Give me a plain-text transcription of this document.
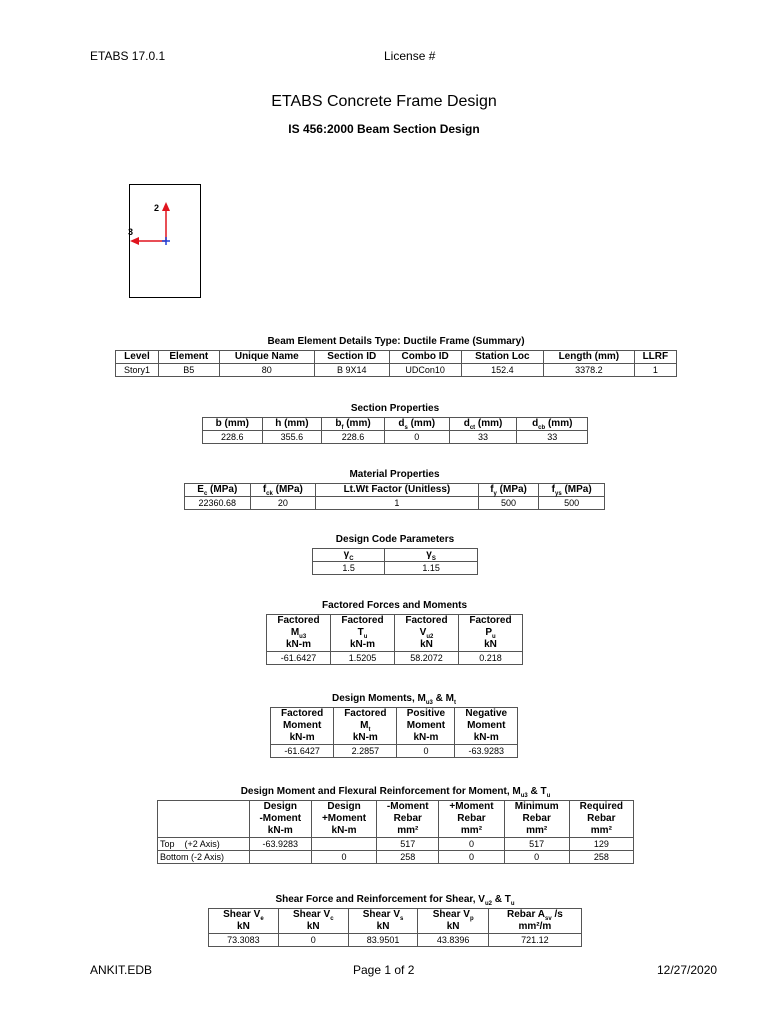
ETABS 17.0.1	License #
ETABS Concrete Frame Design
IS 456:2000 Beam Section Design
2
3
Beam Element Details Type: Ductile Frame (Summary)
Level	Element	Unique Name	Section ID	Combo ID	Station Loc	Length (mm)	LLRF
Story1	B5	80	B 9X14	UDCon10	152.4	3378.2	1
Section Properties
b (mm)	h (mm)	$b_f$ (mm)	$d_s$ (mm)	$d_{ct}$ (mm)	$d_{cb}$ (mm)
228.6	355.6	228.6	0	33	33
Material Properties
$E_c$ (MPa)	$f_{ck}$ (MPa)	Lt.Wt Factor (Unitless)	$f_y$ (MPa)	$f_{ys}$ (MPa)
22360.68	20	1	500	500
Design Code Parameters
$\gamma_C$	$\gamma_S$
1.5	1.15
Factored Forces and Moments
Factored
$M_{u3}$
kN-m	Factored
$T_u$
kN-m	Factored
$V_{u2}$
kN	Factored
$P_u$
kN
-61.6427	1.5205	58.2072	0.218
Design Moments, $M_{u3}$ & $M_t$
Factored
Moment
kN-m	Factored
$M_t$
kN-m	Positive
Moment
kN-m	Negative
Moment
kN-m
-61.6427	2.2857	0	-63.9283
Design Moment and Flexural Reinforcement for Moment, $M_{u3}$ & $T_u$
	Design
-Moment
kN-m	Design
+Moment
kN-m	-Moment
Rebar
mm²	+Moment
Rebar
mm²	Minimum
Rebar
mm²	Required
Rebar
mm²
Top    (+2 Axis)	-63.9283		517	0	517	129
Bottom (-2 Axis)		0	258	0	0	258
Shear Force and Reinforcement for Shear, $V_{u2}$ & $T_u$
Shear $V_e$
kN	Shear $V_c$
kN	Shear $V_s$
kN	Shear $V_p$
kN	Rebar $A_{sv}$ /s
mm²/m
73.3083	0	83.9501	43.8396	721.12
ANKIT.EDB	Page 1 of 2	12/27/2020
